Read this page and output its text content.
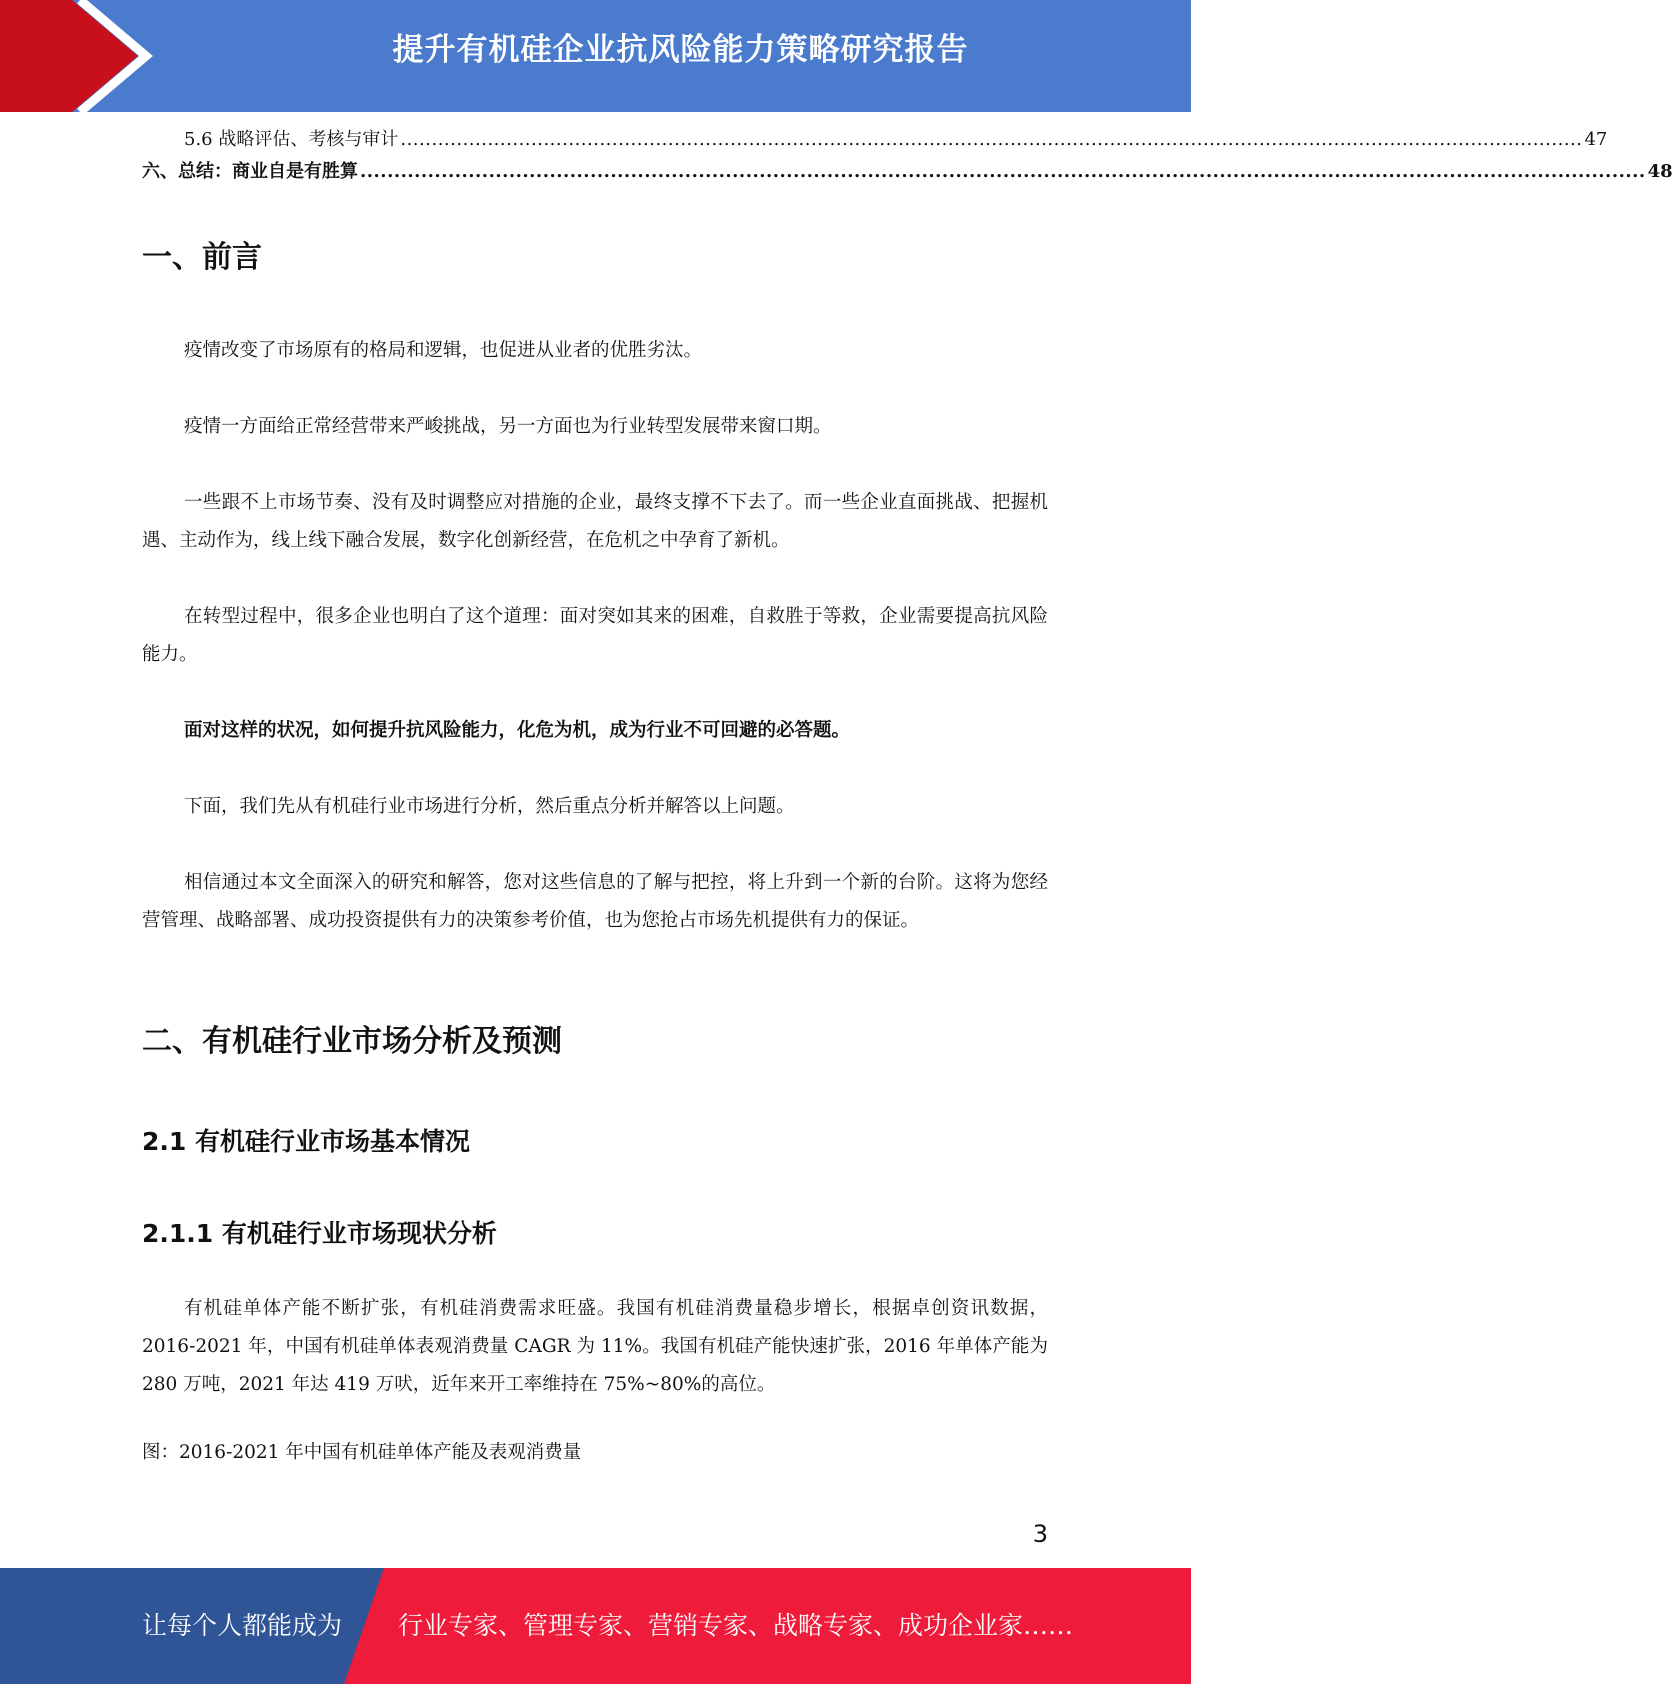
提升有机硅企业抗风险能力策略研究报告
5.6 战略评估、考核与审计 .............................................................................................................................................................................................. 47
六、总结：商业自是有胜算 .............................................................................................................................................................................................. 48
一、前言

疫情改变了市场原有的格局和逻辑，也促进从业者的优胜劣汰。

疫情一方面给正常经营带来严峻挑战，另一方面也为行业转型发展带来窗口期。

一些跟不上市场节奏、没有及时调整应对措施的企业，最终支撑不下去了。而一些企业直面挑战、把握机遇、主动作为，线上线下融合发展，数字化创新经营，在危机之中孕育了新机。

在转型过程中，很多企业也明白了这个道理：面对突如其来的困难，自救胜于等救，企业需要提高抗风险能力。

面对这样的状况，如何提升抗风险能力，化危为机，成为行业不可回避的必答题。

下面，我们先从有机硅行业市场进行分析，然后重点分析并解答以上问题。

相信通过本文全面深入的研究和解答，您对这些信息的了解与把控，将上升到一个新的台阶。这将为您经营管理、战略部署、成功投资提供有力的决策参考价值，也为您抢占市场先机提供有力的保证。

二、有机硅行业市场分析及预测
2.1 有机硅行业市场基本情况
2.1.1 有机硅行业市场现状分析

有机硅单体产能不断扩张，有机硅消费需求旺盛。我国有机硅消费量稳步增长，根据卓创资讯数据，2016-2021 年，中国有机硅单体表观消费量 CAGR 为 11%。我国有机硅产能快速扩张，2016 年单体产能为 280 万吨，2021 年达 419 万吠，近年来开工率维持在 75%~80%的高位。

图：2016-2021 年中国有机硅单体产能及表观消费量

3
让每个人都能成为 行业专家、管理专家、营销专家、战略专家、成功企业家……
